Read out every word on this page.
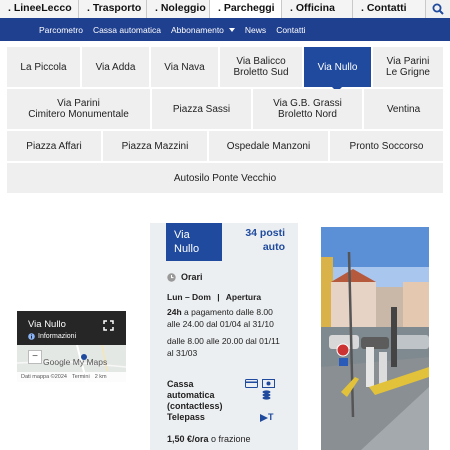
. LineeLecco	. Trasporto	. Noleggio	. Parcheggi	. Officina	. Contatti
Parcometro	Cassa automatica	Abbonamento	News	Contatti
La Piccola	Via Adda	Via Nava	Via Balicco
Broletto Sud	Via Nullo	Via Parini
Le Grigne
Via Parini
Cimitero Monumentale	Piazza Sassi	Via G.B. Grassi
Broletto Nord	Ventina
Piazza Affari	Piazza Mazzini	Ospedale Manzoni	Pronto Soccorso
Autosilo Ponte Vecchio
Via Nullo
Informazioni
− Google My Maps
Dati mappa ©2024 Termini 2 km
Via
Nullo
34 posti
auto
Orari
Lun – Dom | Apertura
24h a pagamento dalle 8.00
alle 24.00 dal 01/04 al 31/10
dalle 8.00 alle 20.00 dal 01/11
al 31/03
Cassa
automatica
(contactless)
Telepass	T
1,50 €/ora o frazione
